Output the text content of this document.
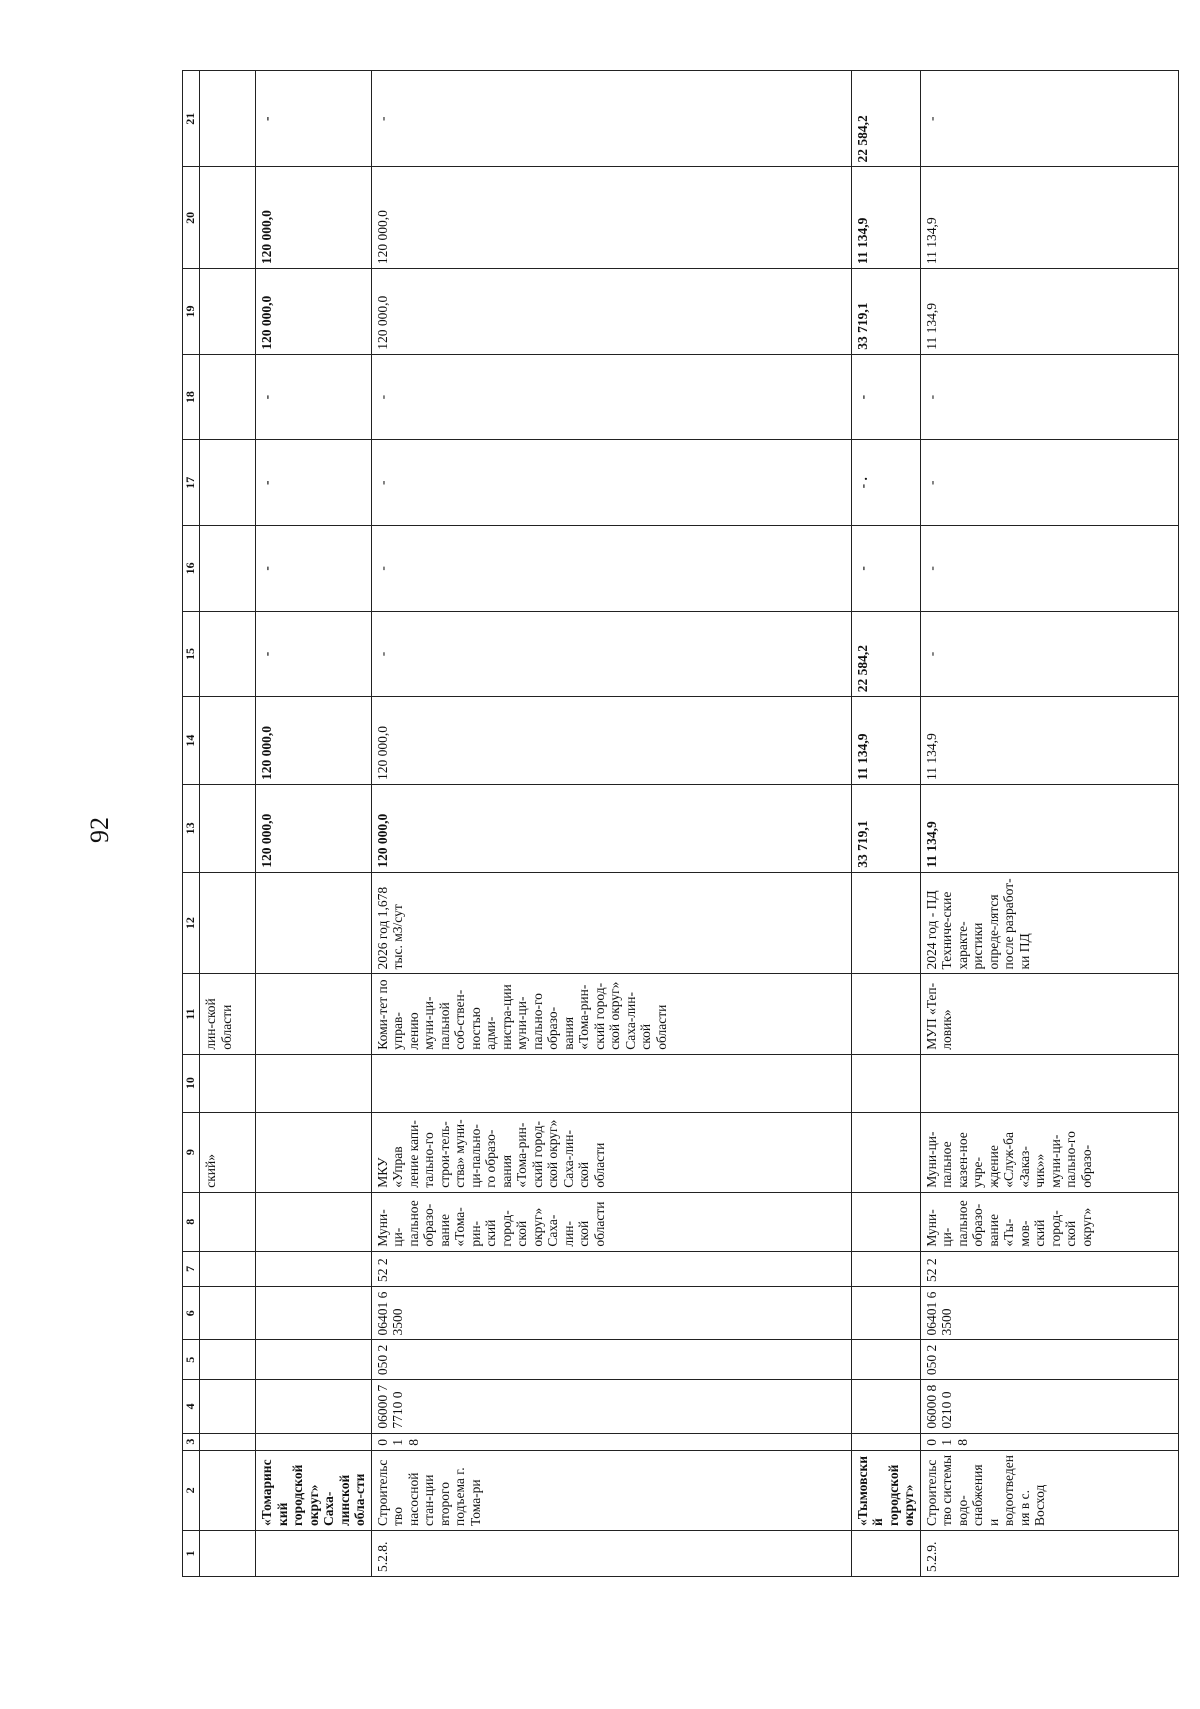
92
1	2	3	4	5	6	7	8	9	10	11	12	13	14	15	16	17	18	19	20	21
								ский»		лин-ской области										
	«Томаринский городской округ» Саха-линской обла-сти											120 000,0	120 000,0	-	-	-	-	120 000,0	120 000,0	-
5.2.8.	Строительство насосной стан-ции второго подъема г. Тома-ри	0 1 8	06000 77710 0	050 2	06401 63500	52 2	Муни-ци-пальное образо-вание «Тома-рин-ский город-ской округ» Саха-лин-ской области	МКУ «Управ ление капи-тально-го строи-тель-ства» муни-ци-пально-го образо-вания «Тома-рин-ский город-ской округ» Саха-лин-ской области		Коми-тет по управ-лению муни-ци-пальной соб-ствен-ностью адми-нистра-ции муни-ци-пально-го образо-вания «Тома-рин-ский город-ской округ» Саха-лин-ской области	2026 год 1,678 тыс. м3/сут	120 000,0	120 000,0	-	-	-	-	120 000,0	120 000,0	-
	«Тымовский городской округ»											33 719,1	11 134,9	22 584,2	-	- .	-	33 719,1	11 134,9	22 584,2
5.2.9.	Строительство системы водо-снабжения и водоотведения в с. Восход	0 1 8	06000 80210 0	050 2	06401 63500	52 2	Муни-ци-пальное образо-вание «Ты-мов-ский город-ской округ»	Муни-ци-пальное казен-ное учре-ждение «Служ-ба «Заказ-чик»» муни-ци-пально-го образо-		МУП «Теп-ловик»	2024 год - ПД Техниче-ские характе-ристики опреде-лятся после разработ-ки ПД	11 134,9	11 134,9	-	-	-	-	11 134,9	11 134,9	-
